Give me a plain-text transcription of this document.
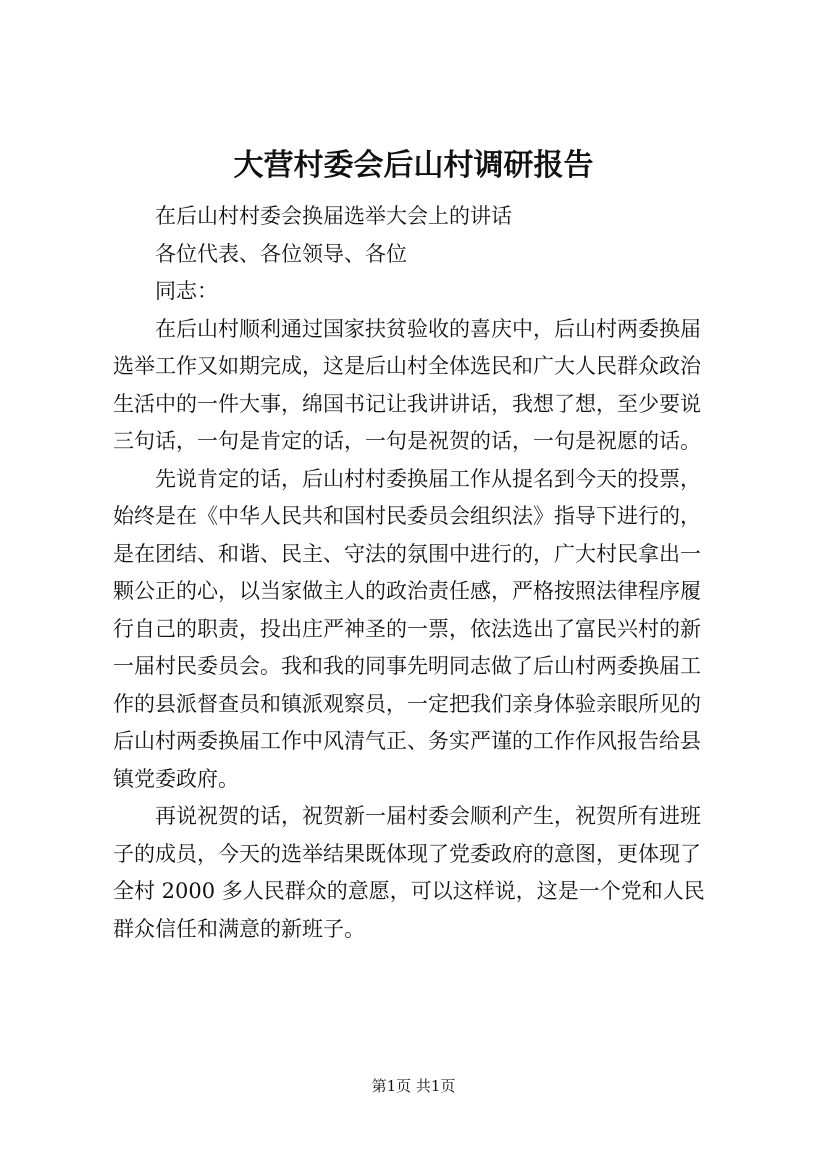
大营村委会后山村调研报告
在后山村村委会换届选举大会上的讲话
各位代表、各位领导、各位
同志：
在后山村顺利通过国家扶贫验收的喜庆中，后山村两委换届
选举工作又如期完成，这是后山村全体选民和广大人民群众政治
生活中的一件大事，绵国书记让我讲讲话，我想了想，至少要说
三句话，一句是肯定的话，一句是祝贺的话，一句是祝愿的话。
先说肯定的话，后山村村委换届工作从提名到今天的投票，
始终是在《中华人民共和国村民委员会组织法》指导下进行的，
是在团结、和谐、民主、守法的氛围中进行的，广大村民拿出一
颗公正的心，以当家做主人的政治责任感，严格按照法律程序履
行自己的职责，投出庄严神圣的一票，依法选出了富民兴村的新
一届村民委员会。我和我的同事先明同志做了后山村两委换届工
作的县派督查员和镇派观察员，一定把我们亲身体验亲眼所见的
后山村两委换届工作中风清气正、务实严谨的工作作风报告给县
镇党委政府。
再说祝贺的话，祝贺新一届村委会顺利产生，祝贺所有进班
子的成员，今天的选举结果既体现了党委政府的意图，更体现了
全村 2000 多人民群众的意愿，可以这样说，这是一个党和人民
群众信任和满意的新班子。
第1页 共1页
